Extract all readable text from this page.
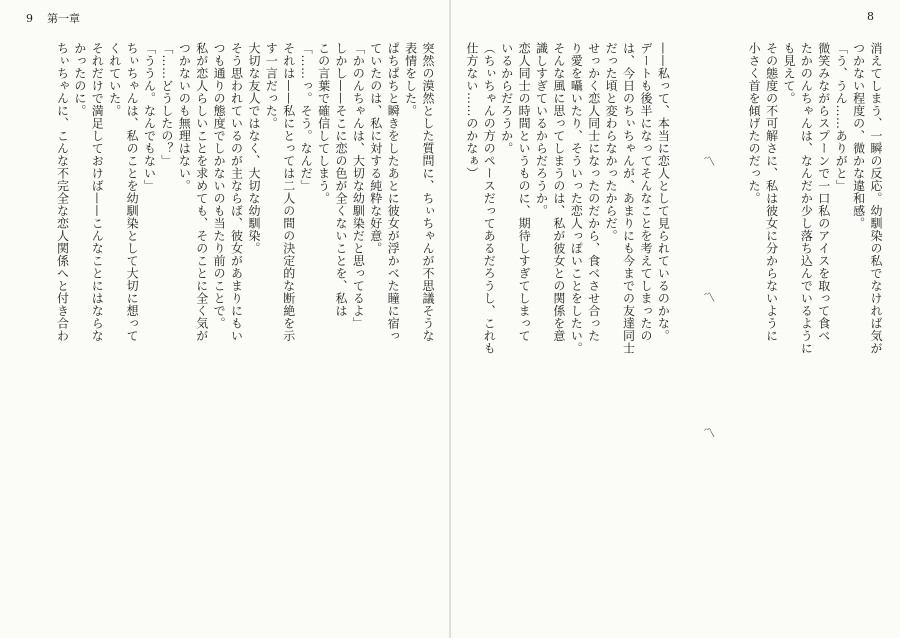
9 第一章	8
消えてしまう、一瞬の反応。幼馴染の私でなければ気が
つかない程度の、微かな違和感。
「う、うん……ありがと」
微笑みながらスプーンで一口私のアイスを取って食べ
たかのんちゃんは、なんだか少し落ち込んでいるように
も見えて。
その態度の不可解さに、私は彼女に分からないように
小さく首を傾げたのだった。
〽 〽 〽
——私って、本当に恋人として見られているのかな。
デートも後半になってそんなことを考えてしまったの
は、今日のちぃちゃんが、あまりにも今までの友達同士
だった頃と変わらなかったからだ。
せっかく恋人同士になったのだから、食べさせ合った
り愛を囁いたり、そういった恋人っぽいことをしたい。
そんな風に思ってしまうのは、私が彼女との関係を意
識しすぎているからだろうか。
恋人同士の時間というものに、期待しすぎてしまって
いるからだろうか。
（ちぃちゃんの方のペースだってあるだろうし、これも
仕方ない……のかなぁ）
突然の漠然とした質問に、ちぃちゃんが不思議そうな
表情をした。
ぱちぱちと瞬きをしたあとに彼女が浮かべた瞳に宿っ
ていたのは、私に対する純粋な好意。
「かのんちゃんは、大切な幼馴染だと思ってるよ」
しかし——そこに恋の色が全くないことを、私は
この言葉で確信してしまう。
「……っ。そう。なんだ」
それは——私にとっては二人の間の決定的な断絶を示
す一言だった。
大切な友人ではなく、大切な幼馴染。
そう思われているのが主ならば、彼女があまりにもい
つも通りの態度でしかないのも当たり前のことで。
私が恋人らしいことを求めても、そのことに全く気が
つかないのも無理はない。
「……どうしたの？」
「ううん。なんでもない」
ちぃちゃんは、私のことを幼馴染として大切に想って
くれていた。
それだけで満足しておけば——こんなことにはならな
かったのに。
ちぃちゃんに、こんな不完全な恋人関係へと付き合わ
